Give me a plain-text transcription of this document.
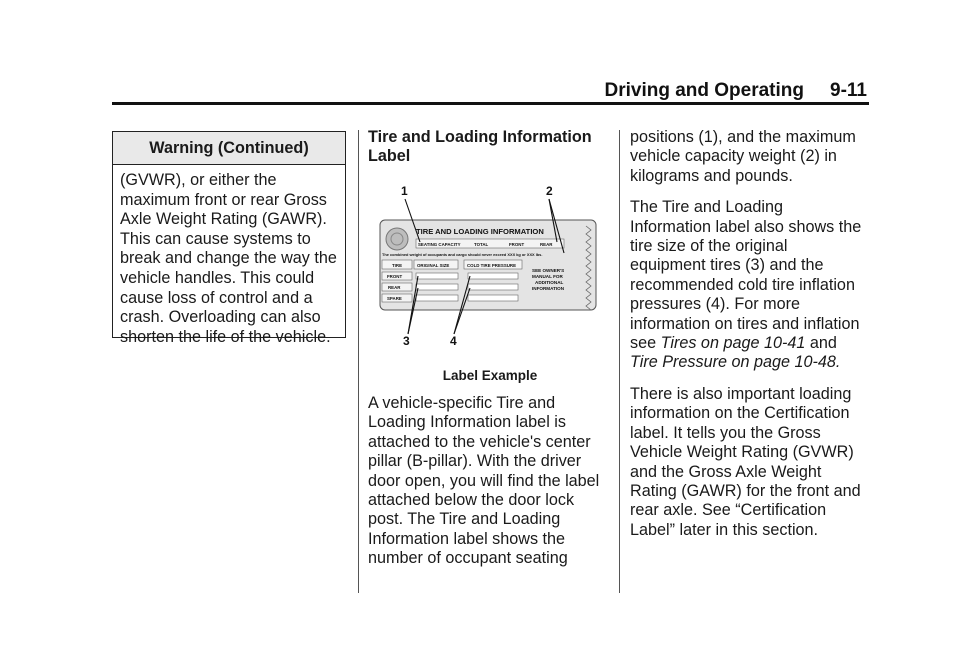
Driving and Operating 9-11
Warning (Continued)
(GVWR), or either the maximum front or rear Gross Axle Weight Rating (GAWR). This can cause systems to break and change the way the vehicle handles. This could cause loss of control and a crash. Overloading can also shorten the life of the vehicle.
Tire and Loading Information Label
1	2
3	4
TIRE AND LOADING INFORMATION
SEATING CAPACITY	TOTAL	FRONT	REAR
The combined weight of occupants and cargo should never exceed XXX kg or XXX lbs.
TIRE	ORIGINAL SIZE	COLD TIRE PRESSURE
FRONT
REAR
SPARE
SEE OWNER'S
MANUAL FOR
ADDITIONAL
INFORMATION
Label Example

A vehicle-specific Tire and Loading Information label is attached to the vehicle's center pillar (B-pillar). With the driver door open, you will find the label attached below the door lock post. The Tire and Loading Information label shows the number of occupant seating

positions (1), and the maximum vehicle capacity weight (2) in kilograms and pounds.

The Tire and Loading Information label also shows the tire size of the original equipment tires (3) and the recommended cold tire inflation pressures (4). For more information on tires and inflation see Tires on page 10-41 and Tire Pressure on page 10-48.

There is also important loading information on the Certification label. It tells you the Gross Vehicle Weight Rating (GVWR) and the Gross Axle Weight Rating (GAWR) for the front and rear axle. See “Certification Label” later in this section.
